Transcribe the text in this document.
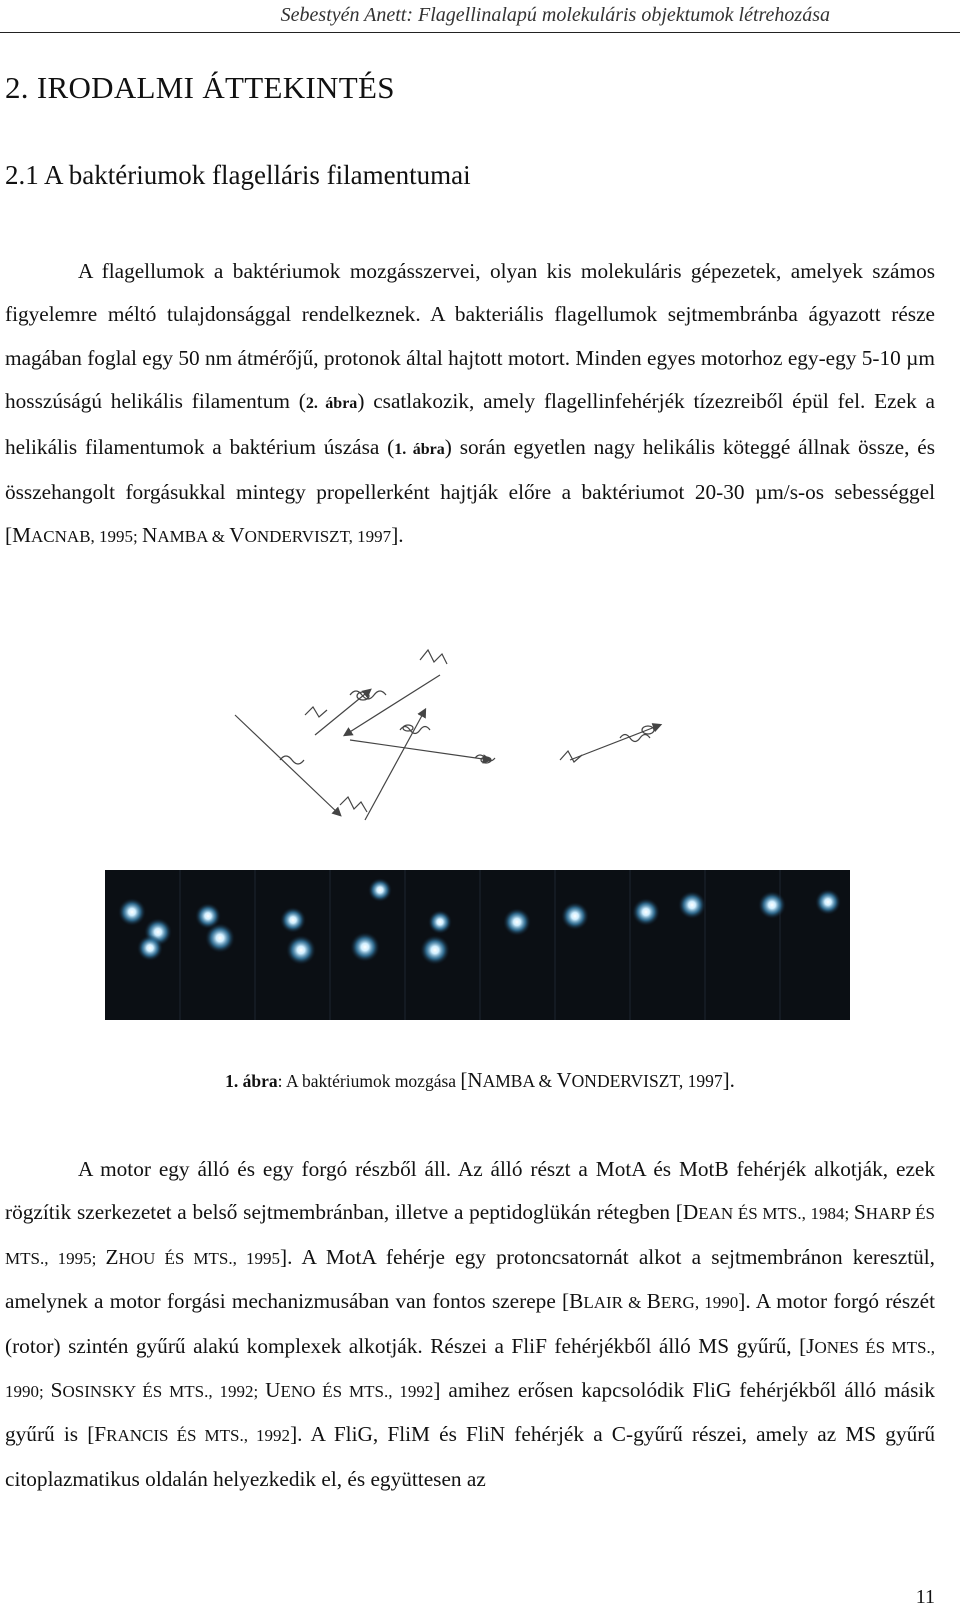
Sebestyén Anett: Flagellinalapú molekuláris objektumok létrehozása
2. IRODALMI ÁTTEKINTÉS
2.1 A baktériumok flagelláris filamentumai

A flagellumok a baktériumok mozgásszervei, olyan kis molekuláris gépezetek, amelyek számos figyelemre méltó tulajdonsággal rendelkeznek. A bakteriális flagellumok sejtmembránba ágyazott része magában foglal egy 50 nm átmérőjű, protonok által hajtott motort. Minden egyes motorhoz egy-egy 5-10 µm hosszúságú helikális filamentum (2. ábra) csatlakozik, amely flagellinfehérjék tízezreiből épül fel. Ezek a helikális filamentumok a baktérium úszása (1. ábra) során egyetlen nagy helikális köteggé állnak össze, és összehangolt forgásukkal mintegy propellerként hajtják előre a baktériumot 20-30 µm/s-os sebességgel [MACNAB, 1995; NAMBA & VONDERVISZT, 1997].

1. ábra: A baktériumok mozgása [NAMBA & VONDERVISZT, 1997].

A motor egy álló és egy forgó részből áll. Az álló részt a MotA és MotB fehérjék alkotják, ezek rögzítik szerkezetet a belső sejtmembránban, illetve a peptidoglükán rétegben [DEAN ÉS MTS., 1984; SHARP ÉS MTS., 1995; ZHOU ÉS MTS., 1995]. A MotA fehérje egy protoncsatornát alkot a sejtmembránon keresztül, amelynek a motor forgási mechanizmusában van fontos szerepe [BLAIR & BERG, 1990]. A motor forgó részét (rotor) szintén gyűrű alakú komplexek alkotják. Részei a FliF fehérjékből álló MS gyűrű, [JONES ÉS MTS., 1990; SOSINSKY ÉS MTS., 1992; UENO ÉS MTS., 1992] amihez erősen kapcsolódik FliG fehérjékből álló másik gyűrű is [FRANCIS ÉS MTS., 1992]. A FliG, FliM és FliN fehérjék a C-gyűrű részei, amely az MS gyűrű citoplazmatikus oldalán helyezkedik el, és együttesen az

11
